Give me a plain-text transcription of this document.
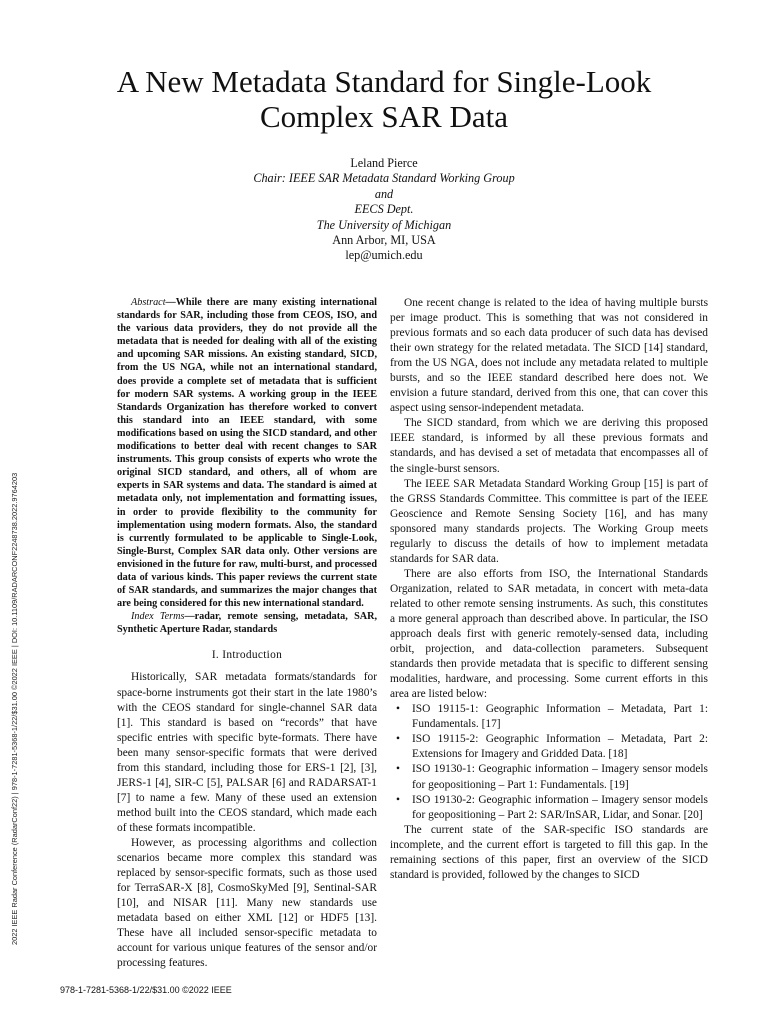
2022 IEEE Radar Conference (RadarConf22) | 978-1-7281-5368-1/22/$31.00 ©2022 IEEE | DOI: 10.1109/RADARCONF2248738.2022.9764203
A New Metadata Standard for Single-Look
Complex SAR Data
Leland Pierce
Chair: IEEE SAR Metadata Standard Working Group
and
EECS Dept.
The University of Michigan
Ann Arbor, MI, USA
lep@umich.edu

Abstract—While there are many existing international standards for SAR, including those from CEOS, ISO, and the various data providers, they do not provide all the metadata that is needed for dealing with all of the existing and upcoming SAR missions. An existing standard, SICD, from the US NGA, while not an international standard, does provide a complete set of metadata that is sufficient for modern SAR systems. A working group in the IEEE Standards Organization has therefore worked to convert this standard into an IEEE standard, with some modifications based on using the SICD standard, and other modifications to better deal with recent changes to SAR instruments. This group consists of experts who wrote the original SICD standard, and others, all of whom are experts in SAR systems and data. The standard is aimed at metadata only, not implementation and formatting issues, in order to provide flexibility to the community for implementation using modern formats. Also, the standard is currently formulated to be applicable to Single-Look, Single-Burst, Complex SAR data only. Other versions are envisioned in the future for raw, multi-burst, and processed data of various kinds. This paper reviews the current state of SAR standards, and summarizes the major changes that are being considered for this new international standard.

Index Terms—radar, remote sensing, metadata, SAR, Synthetic Aperture Radar, standards

I. Introduction

Historically, SAR metadata formats/standards for space-borne instruments got their start in the late 1980’s with the CEOS standard for single-channel SAR data [1]. This standard is based on “records” that have specific entries with specific byte-formats. There have been many sensor-specific formats that were derived from this standard, including those for ERS-1 [2], [3], JERS-1 [4], SIR-C [5], PALSAR [6] and RADARSAT-1 [7] to name a few. Many of these used an extension method built into the CEOS standard, which made each of these formats incompatible.

However, as processing algorithms and collection scenarios became more complex this standard was replaced by sensor-specific formats, such as those used for TerraSAR-X [8], CosmoSkyMed [9], Sentinal-SAR [10], and NISAR [11]. Many new standards use metadata based on either XML [12] or HDF5 [13]. These have all included sensor-specific metadata to account for various unique features of the sensor and/or processing features.

One recent change is related to the idea of having multiple bursts per image product. This is something that was not considered in previous formats and so each data producer of such data has devised their own strategy for the related metadata. The SICD [14] standard, from the US NGA, does not include any metadata related to multiple bursts, and so the IEEE standard described here does not. We envision a future standard, derived from this one, that can cover this aspect using sensor-independent metadata.

The SICD standard, from which we are deriving this proposed IEEE standard, is informed by all these previous formats and standards, and has devised a set of metadata that encompasses all of the single-burst sensors.

The IEEE SAR Metadata Standard Working Group [15] is part of the GRSS Standards Committee. This committee is part of the IEEE Geoscience and Remote Sensing Society [16], and has many sponsored many standards projects. The Working Group meets regularly to discuss the details of how to implement metadata standards for SAR data.

There are also efforts from ISO, the International Standards Organization, related to SAR metadata, in concert with meta-data related to other remote sensing instruments. As such, this constitutes a more general approach than described above. In particular, the ISO approach deals first with generic remotely-sensed data, including orbit, projection, and data-collection parameters. Subsequent standards then provide metadata that is specific to different sensing modalities, hardware, and processing. Some current efforts in this area are listed below:

• ISO 19115-1: Geographic Information – Metadata, Part 1: Fundamentals. [17]
• ISO 19115-2: Geographic Information – Metadata, Part 2: Extensions for Imagery and Gridded Data. [18]
• ISO 19130-1: Geographic information – Imagery sensor models for geopositioning – Part 1: Fundamentals. [19]
• ISO 19130-2: Geographic information – Imagery sensor models for geopositioning – Part 2: SAR/InSAR, Lidar, and Sonar. [20]

The current state of the SAR-specific ISO standards are incomplete, and the current effort is targeted to fill this gap. In the remaining sections of this paper, first an overview of the SICD standard is provided, followed by the changes to SICD

978-1-7281-5368-1/22/$31.00 ©2022 IEEE
